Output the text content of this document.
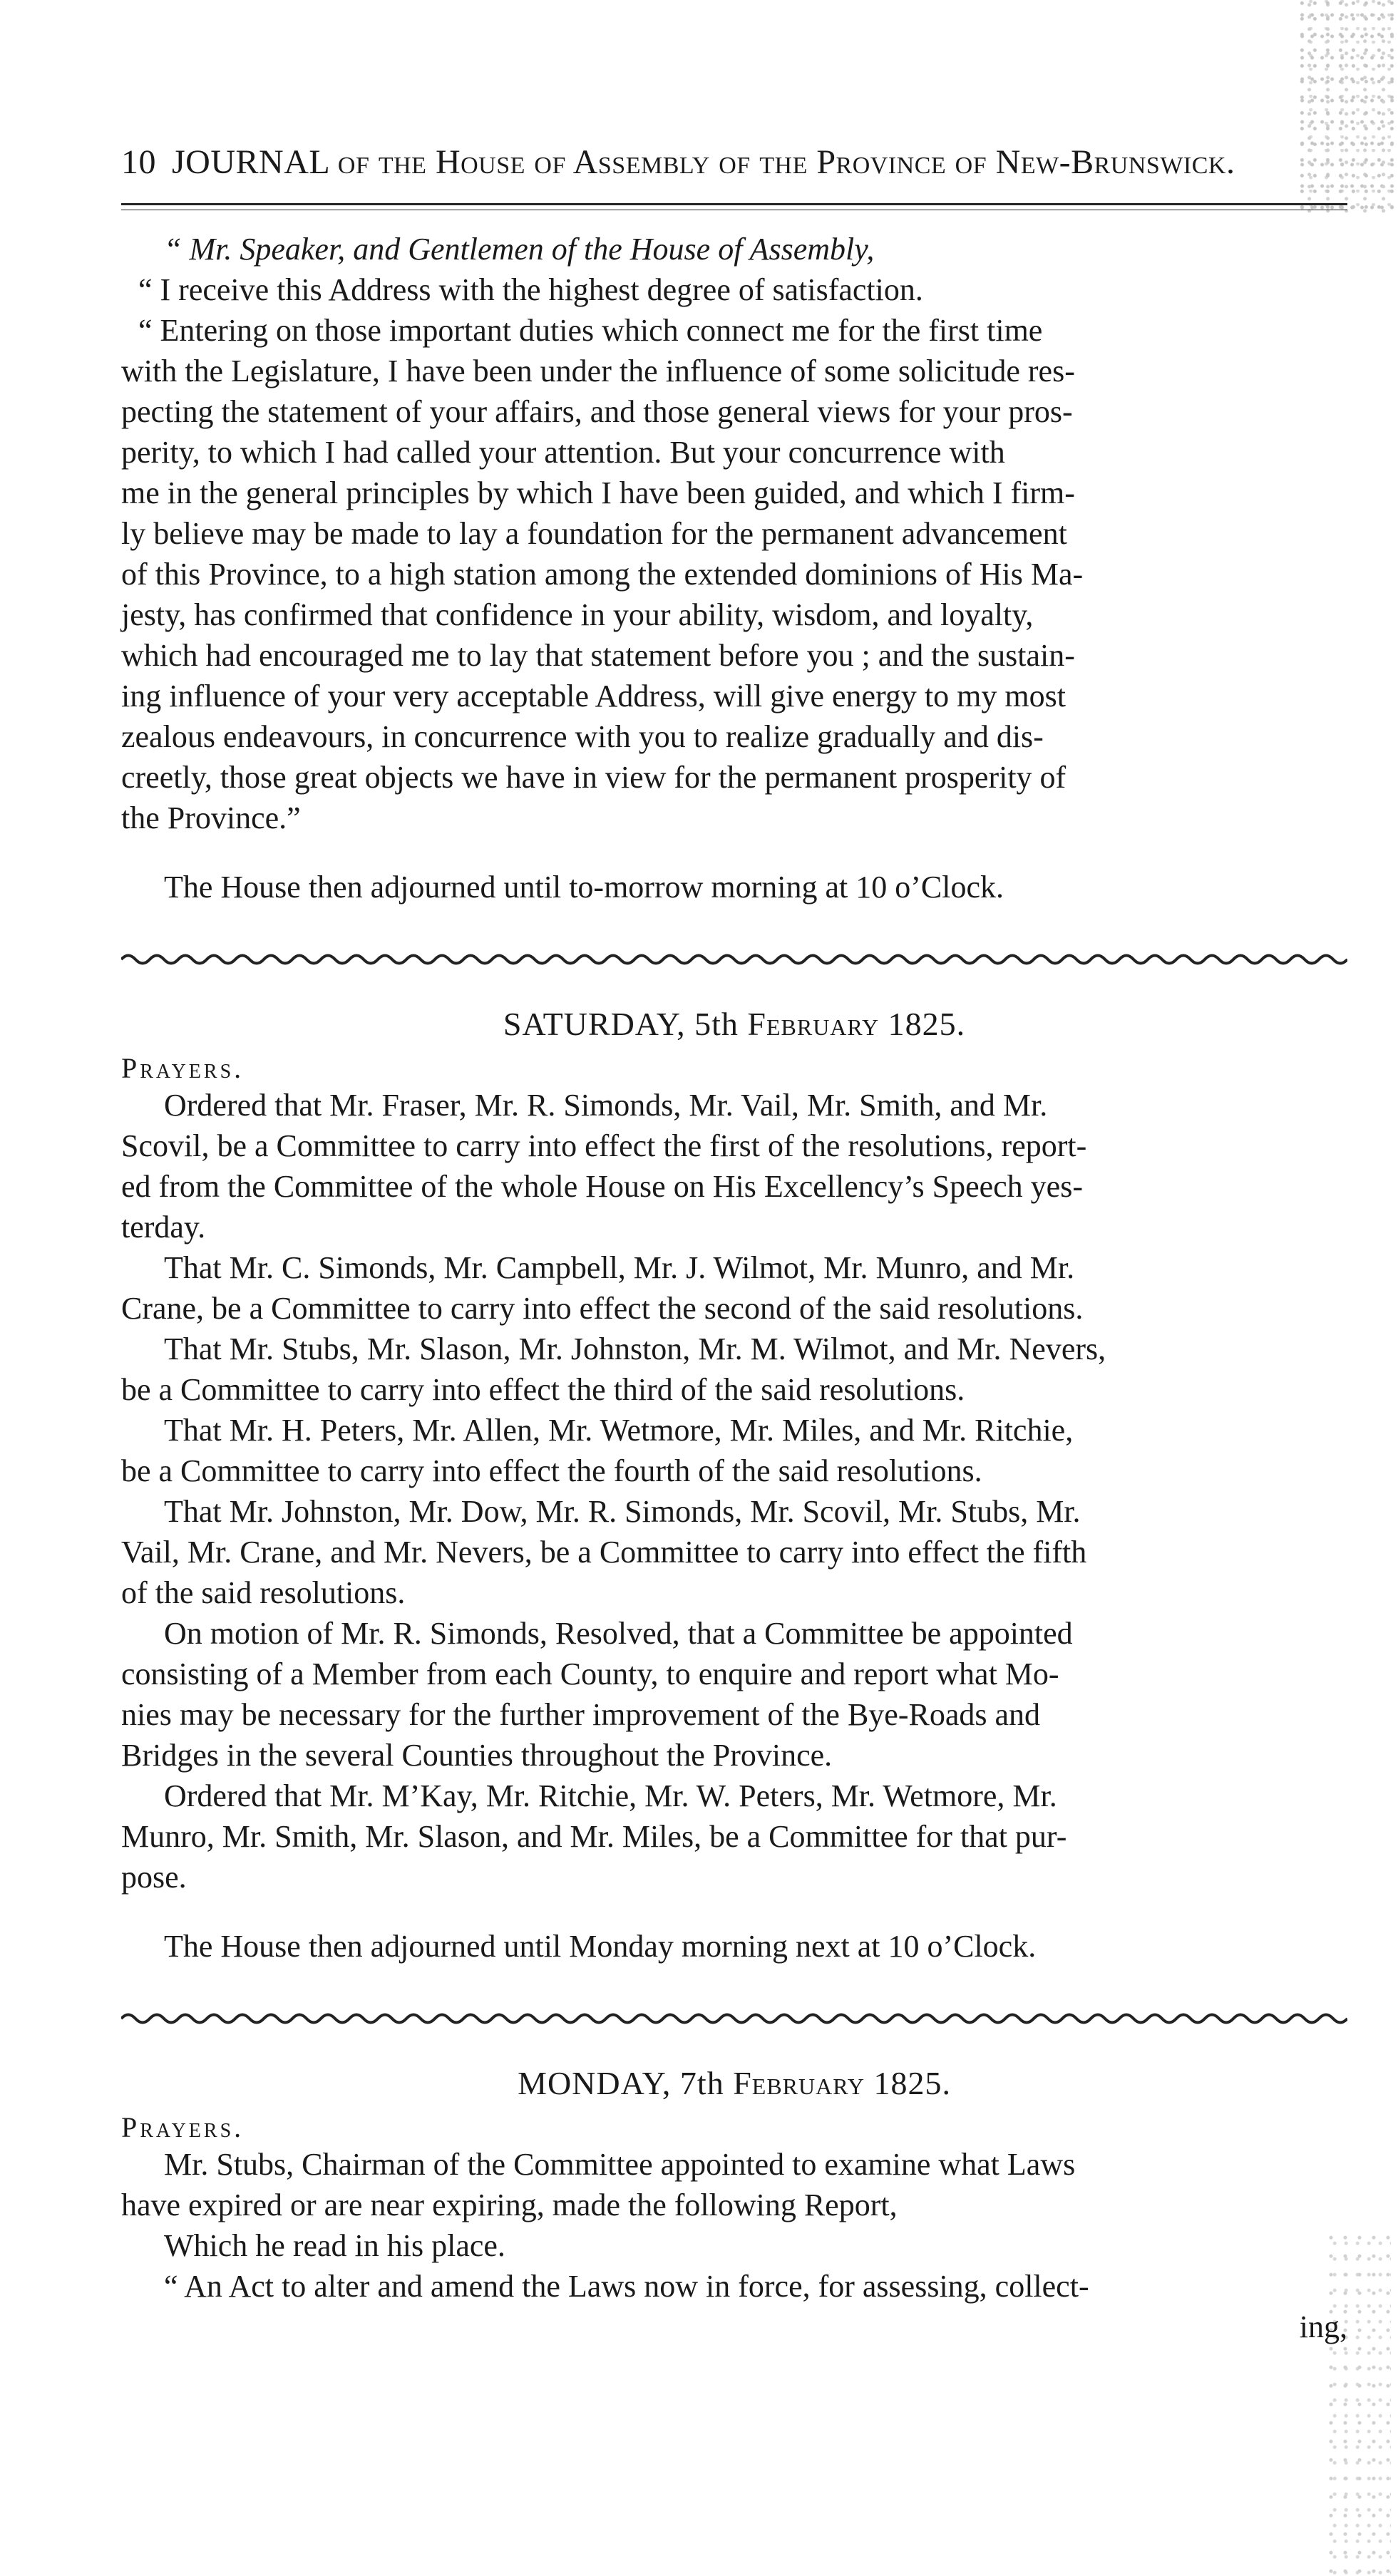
10 JOURNAL of the House of Assembly of the Province of New-Brunswick.
“ Mr. Speaker, and Gentlemen of the House of Assembly,
“ I receive this Address with the highest degree of satisfaction.
“ Entering on those important duties which connect me for the first time
with the Legislature, I have been under the influence of some solicitude res-
pecting the statement of your affairs, and those general views for your pros-
perity, to which I had called your attention. But your concurrence with
me in the general principles by which I have been guided, and which I firm-
ly believe may be made to lay a foundation for the permanent advancement
of this Province, to a high station among the extended dominions of His Ma-
jesty, has confirmed that confidence in your ability, wisdom, and loyalty,
which had encouraged me to lay that statement before you ; and the sustain-
ing influence of your very acceptable Address, will give energy to my most
zealous endeavours, in concurrence with you to realize gradually and dis-
creetly, those great objects we have in view for the permanent prosperity of
the Province.”
The House then adjourned until to-morrow morning at 10 o’Clock.
SATURDAY, 5th February 1825.
Prayers.
Ordered that Mr. Fraser, Mr. R. Simonds, Mr. Vail, Mr. Smith, and Mr.
Scovil, be a Committee to carry into effect the first of the resolutions, report-
ed from the Committee of the whole House on His Excellency’s Speech yes-
terday.
That Mr. C. Simonds, Mr. Campbell, Mr. J. Wilmot, Mr. Munro, and Mr.
Crane, be a Committee to carry into effect the second of the said resolutions.
That Mr. Stubs, Mr. Slason, Mr. Johnston, Mr. M. Wilmot, and Mr. Nevers,
be a Committee to carry into effect the third of the said resolutions.
That Mr. H. Peters, Mr. Allen, Mr. Wetmore, Mr. Miles, and Mr. Ritchie,
be a Committee to carry into effect the fourth of the said resolutions.
That Mr. Johnston, Mr. Dow, Mr. R. Simonds, Mr. Scovil, Mr. Stubs, Mr.
Vail, Mr. Crane, and Mr. Nevers, be a Committee to carry into effect the fifth
of the said resolutions.
On motion of Mr. R. Simonds, Resolved, that a Committee be appointed
consisting of a Member from each County, to enquire and report what Mo-
nies may be necessary for the further improvement of the Bye-Roads and
Bridges in the several Counties throughout the Province.
Ordered that Mr. M’Kay, Mr. Ritchie, Mr. W. Peters, Mr. Wetmore, Mr.
Munro, Mr. Smith, Mr. Slason, and Mr. Miles, be a Committee for that pur-
pose.
The House then adjourned until Monday morning next at 10 o’Clock.
MONDAY, 7th February 1825.
Prayers.
Mr. Stubs, Chairman of the Committee appointed to examine what Laws
have expired or are near expiring, made the following Report,
Which he read in his place.
“ An Act to alter and amend the Laws now in force, for assessing, collect-
ing,
